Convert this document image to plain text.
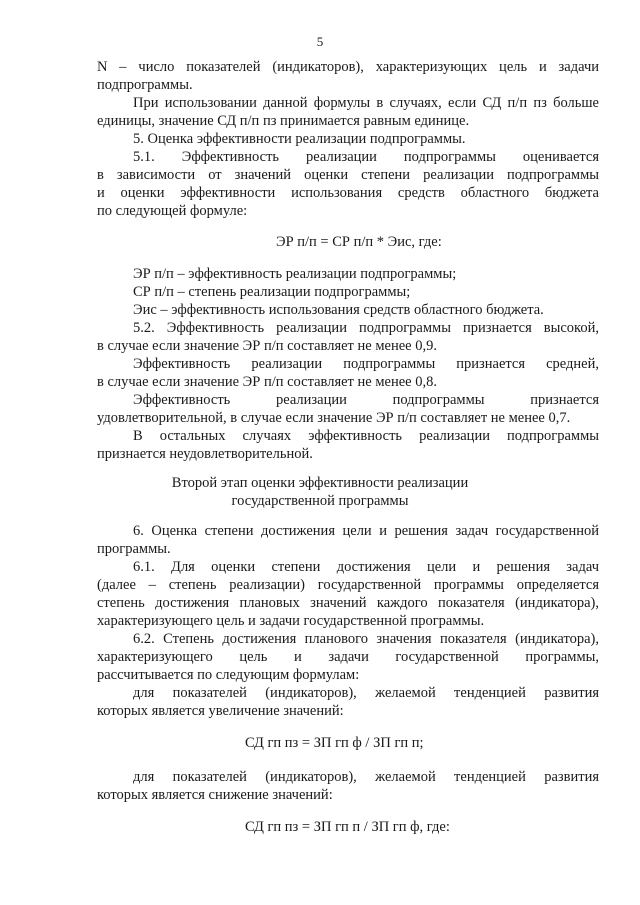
5
N – число показателей (индикаторов), характеризующих цель и задачи
подпрограммы.
При использовании данной формулы в случаях, если СД п/п пз больше
единицы, значение СД п/п пз принимается равным единице.
5. Оценка эффективности реализации подпрограммы.
5.1. Эффективность реализации подпрограммы оценивается
в зависимости от значений оценки степени реализации подпрограммы
и оценки эффективности использования средств областного бюджета
по следующей формуле:
ЭР п/п = СР п/п * Эис, где:
ЭР п/п – эффективность реализации подпрограммы;
СР п/п – степень реализации подпрограммы;
Эис – эффективность использования средств областного бюджета.
5.2. Эффективность реализации подпрограммы признается высокой,
в случае если значение ЭР п/п составляет не менее 0,9.
Эффективность реализации подпрограммы признается средней,
в случае если значение ЭР п/п составляет не менее 0,8.
Эффективность реализации подпрограммы признается
удовлетворительной, в случае если значение ЭР п/п составляет не менее 0,7.
В остальных случаях эффективность реализации подпрограммы
признается неудовлетворительной.
Второй этап оценки эффективности реализации
государственной программы
6. Оценка степени достижения цели и решения задач государственной
программы.
6.1. Для оценки степени достижения цели и решения задач
(далее – степень реализации) государственной программы определяется
степень достижения плановых значений каждого показателя (индикатора),
характеризующего цель и задачи государственной программы.
6.2. Степень достижения планового значения показателя (индикатора),
характеризующего цель и задачи государственной программы,
рассчитывается по следующим формулам:
для показателей (индикаторов), желаемой тенденцией развития
которых является увеличение значений:
СД гп пз = ЗП гп ф / ЗП гп п;
для показателей (индикаторов), желаемой тенденцией развития
которых является снижение значений:
СД гп пз = ЗП гп п / ЗП гп ф, где:
